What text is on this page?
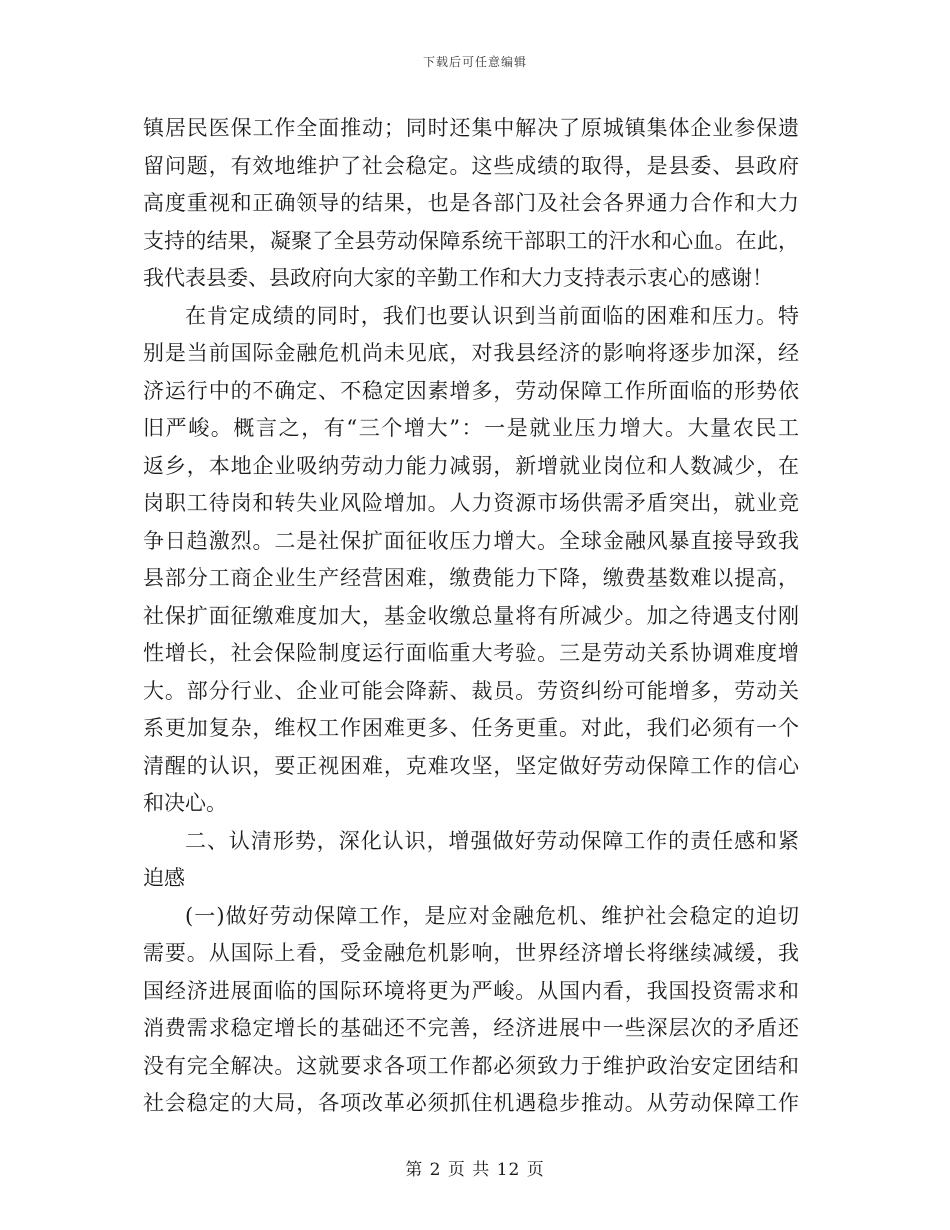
下载后可任意编辑
镇居民医保工作全面推动；同时还集中解决了原城镇集体企业参保遗
留问题，有效地维护了社会稳定。这些成绩的取得，是县委、县政府
高度重视和正确领导的结果，也是各部门及社会各界通力合作和大力
支持的结果，凝聚了全县劳动保障系统干部职工的汗水和心血。在此，
我代表县委、县政府向大家的辛勤工作和大力支持表示衷心的感谢！
在肯定成绩的同时，我们也要认识到当前面临的困难和压力。特
别是当前国际金融危机尚未见底，对我县经济的影响将逐步加深，经
济运行中的不确定、不稳定因素增多，劳动保障工作所面临的形势依
旧严峻。概言之，有“三个增大”：一是就业压力增大。大量农民工
返乡，本地企业吸纳劳动力能力减弱，新增就业岗位和人数减少，在
岗职工待岗和转失业风险增加。人力资源市场供需矛盾突出，就业竞
争日趋激烈。二是社保扩面征收压力增大。全球金融风暴直接导致我
县部分工商企业生产经营困难，缴费能力下降，缴费基数难以提高，
社保扩面征缴难度加大，基金收缴总量将有所减少。加之待遇支付刚
性增长，社会保险制度运行面临重大考验。三是劳动关系协调难度增
大。部分行业、企业可能会降薪、裁员。劳资纠纷可能增多，劳动关
系更加复杂，维权工作困难更多、任务更重。对此，我们必须有一个
清醒的认识，要正视困难，克难攻坚，坚定做好劳动保障工作的信心
和决心。
二、认清形势，深化认识，增强做好劳动保障工作的责任感和紧
迫感
(一)做好劳动保障工作，是应对金融危机、维护社会稳定的迫切
需要。从国际上看，受金融危机影响，世界经济增长将继续减缓，我
国经济进展面临的国际环境将更为严峻。从国内看，我国投资需求和
消费需求稳定增长的基础还不完善，经济进展中一些深层次的矛盾还
没有完全解决。这就要求各项工作都必须致力于维护政治安定团结和
社会稳定的大局，各项改革必须抓住机遇稳步推动。从劳动保障工作
第 2 页 共 12 页
